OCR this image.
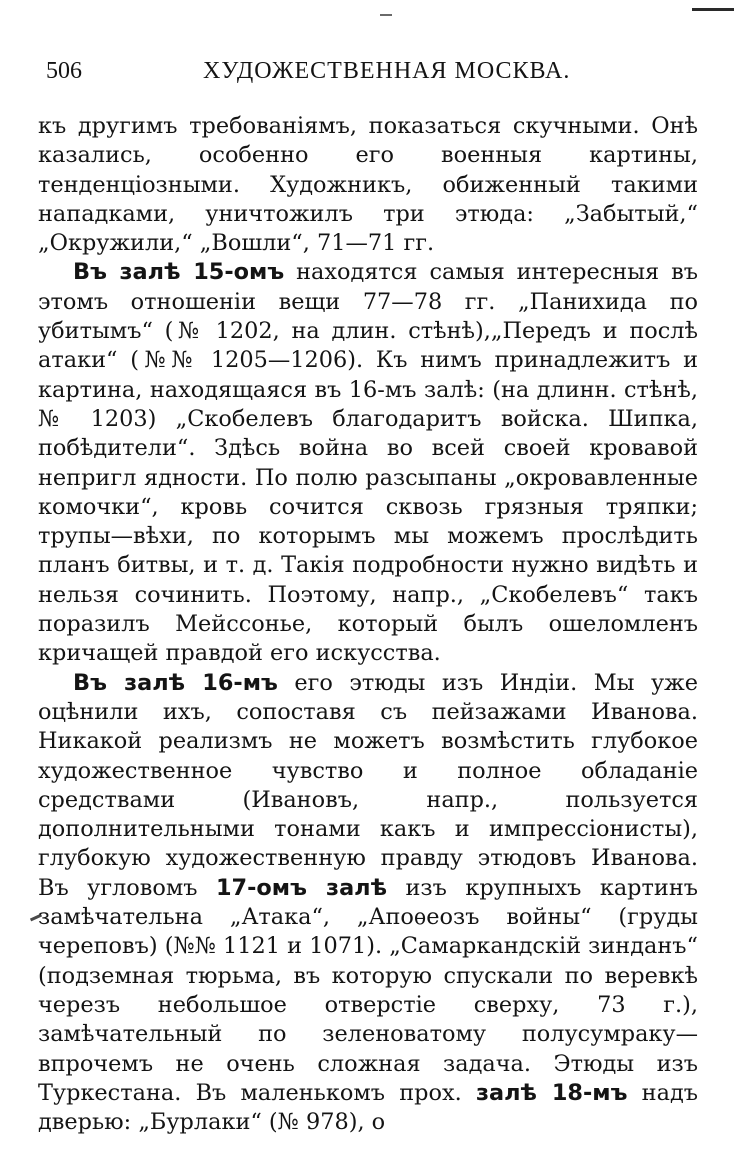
506	ХУДОЖЕСТВЕННАЯ МОСКВА.

къ другимъ требованiямъ, показаться скучными. Онѣ казались, особенно его военныя картины, тенденцiозными. Художникъ, обиженный такими нападками, уничтожилъ три этюда: „Забытый,“ „Окружили,“ „Вошли“, 71—71 гг.

Въ залѣ 15-омъ находятся самыя интересныя въ этомъ отношенiи вещи 77—78 гг. „Панихида по убитымъ“ (№ 1202, на длин. стѣнѣ),„Передъ и послѣ атаки“ (№№ 1205—1206). Къ нимъ принадлежитъ и картина, находящаяся въ 16-мъ залѣ: (на длинн. стѣнѣ, № 1203) „Скобелевъ благодаритъ войска. Шипка, побѣдители“. Здѣсь война во всей своей кровавой непригл ядности. По полю разсыпаны „окровавленные комочки“, кровь сочится сквозь грязныя тряпки; трупы—вѣхи, по которымъ мы можемъ прослѣдить планъ битвы, и т. д. Такiя подробности нужно видѣть и нельзя сочинить. Поэтому, напр., „Скобелевъ“ такъ поразилъ Мейссонье, который былъ ошеломленъ кричащей правдой его искусства.

Въ залѣ 16-мъ его этюды изъ Индiи. Мы уже оцѣнили ихъ, сопоставя съ пейзажами Иванова. Никакой реализмъ не можетъ возмѣстить глубокое художественное чувство и полное обладанiе средствами (Ивановъ, напр., пользуется дополнительными тонами какъ и импрессiонисты), глубокую художественную правду этюдовъ Иванова. Въ угловомъ 17-омъ залѣ изъ крупныхъ картинъ замѣчательна „Атака“, „Апоѳеозъ войны“ (груды череповъ) (№№ 1121 и 1071). „Самаркандскiй зинданъ“ (подземная тюрьма, въ которую спускали по веревкѣ черезъ небольшое отверстiе сверху, 73 г.), замѣчательный по зеленоватому полусумраку—впрочемъ не очень сложная задача. Этюды изъ Туркестана. Въ маленькомъ прох. залѣ 18-мъ надъ дверью: „Бурлаки“ (№ 978), о
